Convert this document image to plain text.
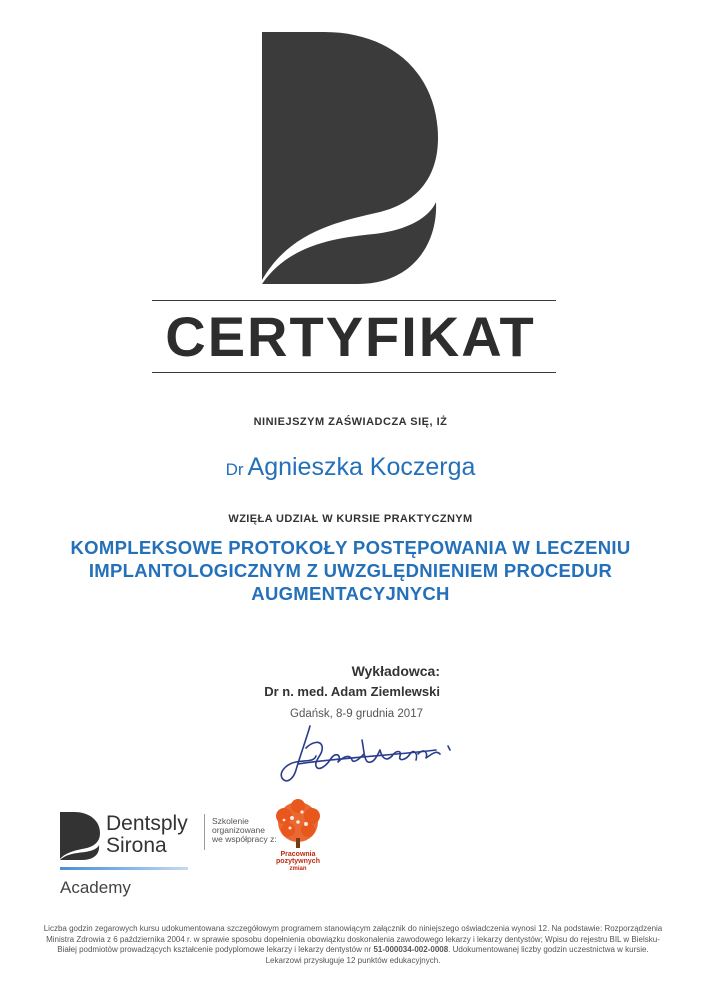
CERTYFIKAT
NINIEJSZYM ZAŚWIADCZA SIĘ, IŻ
Dr Agnieszka Koczerga
WZIĘŁA UDZIAŁ W KURSIE PRAKTYCZNYM
KOMPLEKSOWE PROTOKOŁY POSTĘPOWANIA W LECZENIU
IMPLANTOLOGICZNYM Z UWZGLĘDNIENIEM PROCEDUR
AUGMENTACYJNYCH
Wykładowca:
Dr n. med. Adam Ziemlewski
Gdańsk, 8-9 grudnia 2017
Dentsply
Sirona
Academy
Szkolenie
organizowane
we współpracy z:
Pracownia
pozytywnych
zmian
Liczba godzin zegarowych kursu udokumentowana szczegółowym programem stanowiącym załącznik do niniejszego oświadczenia wynosi 12. Na podstawie: Rozporządzenia Ministra Zdrowia z 6 października 2004 r. w sprawie sposobu dopełnienia obowiązku doskonalenia zawodowego lekarzy i lekarzy dentystów; Wpisu do rejestru BIL w Bielsku-Białej podmiotów prowadzących kształcenie podyplomowe lekarzy i lekarzy dentystów nr 51-000034-002-0008. Udokumentowanej liczby godzin uczestnictwa w kursie. Lekarzowi przysługuje 12 punktów edukacyjnych.
